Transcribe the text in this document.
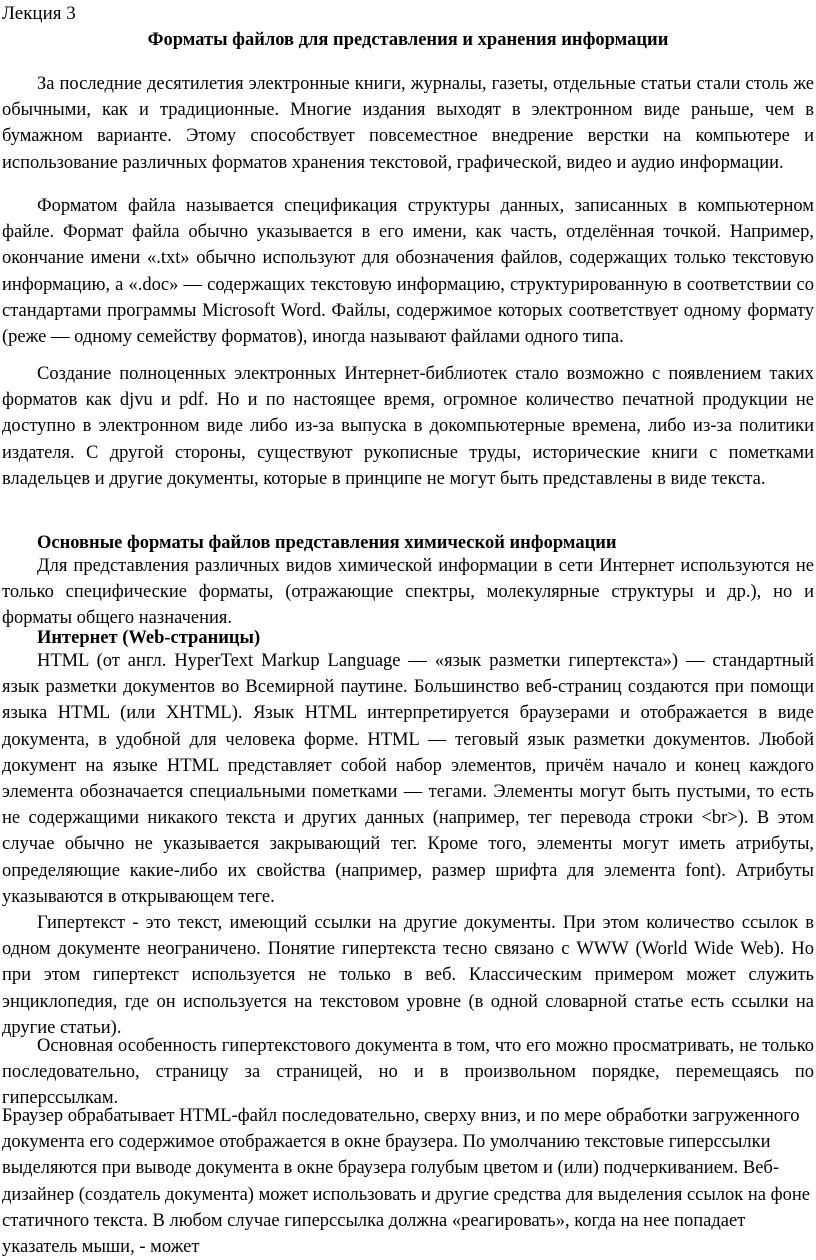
Лекция 3
Форматы файлов для представления и хранения информации

За последние десятилетия электронные книги, журналы, газеты, отдельные статьи стали столь же обычными, как и традиционные. Многие издания выходят в электронном виде раньше, чем в бумажном варианте. Этому способствует повсеместное внедрение верстки на компьютере и использование различных форматов хранения текстовой, графической, видео и аудио информации.

Форматом файла называется спецификация структуры данных, записанных в компьютерном файле. Формат файла обычно указывается в его имени, как часть, отделённая точкой. Например, окончание имени «.txt» обычно используют для обозначения файлов, содержащих только текстовую информацию, а «.doc» — содержащих текстовую информацию, структурированную в соответствии со стандартами программы Microsoft Word. Файлы, содержимое которых соответствует одному формату (реже — одному семейству форматов), иногда называют файлами одного типа.

Создание полноценных электронных Интернет-библиотек стало возможно с появлением таких форматов как djvu и pdf. Но и по настоящее время, огромное количество печатной продукции не доступно в электронном виде либо из-за выпуска в докомпьютерные времена, либо из-за политики издателя. С другой стороны, существуют рукописные труды, исторические книги с пометками владельцев и другие документы, которые в принципе не могут быть представлены в виде текста.

Основные форматы файлов представления химической информации

Для представления различных видов химической информации в сети Интернет используются не только специфические форматы, (отражающие спектры, молекулярные структуры и др.), но и форматы общего назначения.

Интернет (Web-страницы)

HTML (от англ. HyperText Markup Language — «язык разметки гипертекста») — стандартный язык разметки документов во Всемирной паутине. Большинство веб-страниц создаются при помощи языка HTML (или XHTML). Язык HTML интерпретируется браузерами и отображается в виде документа, в удобной для человека форме. HTML — теговый язык разметки документов. Любой документ на языке HTML представляет собой набор элементов, причём начало и конец каждого элемента обозначается специальными пометками — тегами. Элементы могут быть пустыми, то есть не содержащими никакого текста и других данных (например, тег перевода строки <br>). В этом случае обычно не указывается закрывающий тег. Кроме того, элементы могут иметь атрибуты, определяющие какие-либо их свойства (например, размер шрифта для элемента font). Атрибуты указываются в открывающем теге.

Гипертекст - это текст, имеющий ссылки на другие документы. При этом количество ссылок в одном документе неограничено. Понятие гипертекста тесно связано с WWW (World Wide Web). Но при этом гипертекст используется не только в веб. Классическим примером может служить энциклопедия, где он используется на текстовом уровне (в одной словарной статье есть ссылки на другие статьи).

Основная особенность гипертекстового документа в том, что его можно просматривать, не только последовательно, страницу за страницей, но и в произвольном порядке, перемещаясь по гиперссылкам.

Браузер обрабатывает HTML-файл последовательно, сверху вниз, и по мере обработки загруженного документа его содержимое отображается в окне браузера. По умолчанию текстовые гиперссылки выделяются при выводе документа в окне браузера голубым цветом и (или) подчеркиванием. Веб-дизайнер (создатель документа) может использовать и другие средства для выделения ссылок на фоне статичного текста. В любом случае гиперссылка должна «реагировать», когда на нее попадает указатель мыши, - может
